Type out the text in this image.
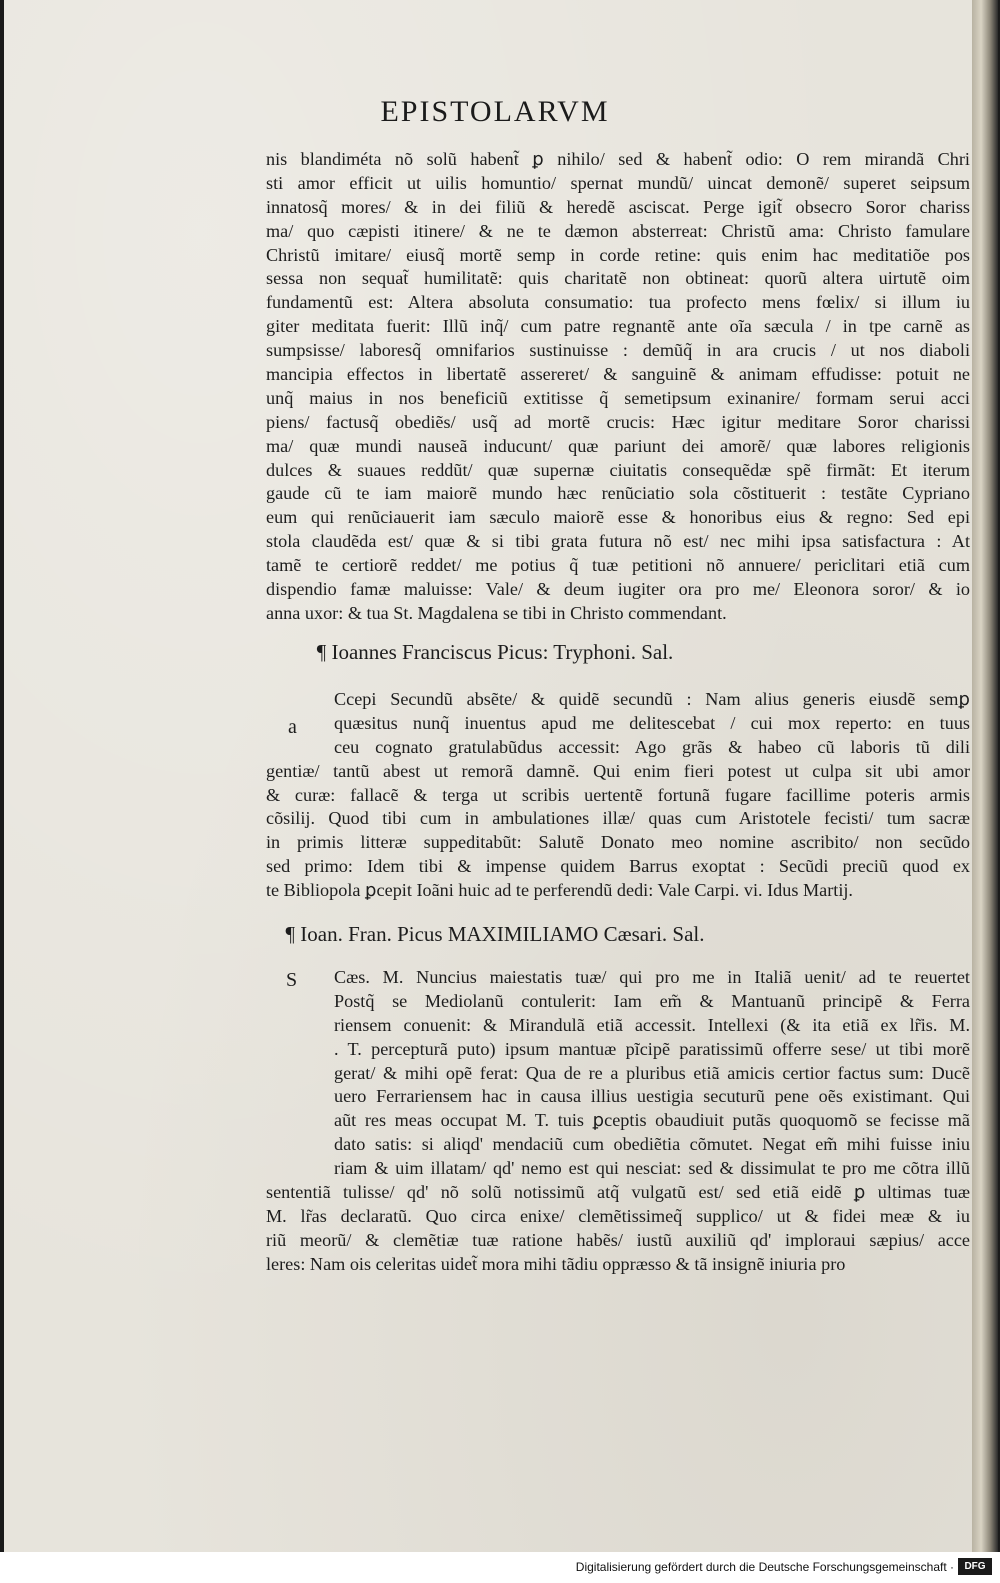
EPISTOLARVM
nis blandiméta nõ solũ habent̃ ꝑ nihilo/ sed & habent̃ odio: O rem mirandã Chri
sti amor efficit ut uilis homuntio/ spernat mundũ/ uincat demonẽ/ superet seipsum
innatosq̃ mores/ & in dei filiũ & heredẽ asciscat. Perge igit̃ obsecro Soror chariss
ma/ quo cæpisti itinere/ & ne te dæmon absterreat: Christũ ama: Christo famulare
Christũ imitare/ eiusq̃ mortẽ semp in corde retine: quis enim hac meditatiõe pos
sessa non sequat̃ humilitatẽ: quis charitatẽ non obtineat: quorũ altera uirtutẽ oim
fundamentũ est: Altera absoluta consumatio: tua profecto mens fœlix/ si illum iu
giter meditata fuerit: Illũ inq̃/ cum patre regnantẽ ante oĩa sæcula / in tpe carnẽ as
sumpsisse/ laboresq̃ omnifarios sustinuisse : demũq̃ in ara crucis / ut nos diaboli
mancipia effectos in libertatẽ assereret/ & sanguinẽ & animam effudisse: potuit ne
unq̃ maius in nos beneficiũ extitisse q̃ semetipsum exinanire/ formam serui acci
piens/ factusq̃ obediẽs/ usq̃ ad mortẽ crucis: Hæc igitur meditare Soror charissi
ma/ quæ mundi nauseã inducunt/ quæ pariunt dei amorẽ/ quæ labores religionis
dulces & suaues reddũt/ quæ supernæ ciuitatis consequẽdæ spẽ firmãt: Et iterum
gaude cũ te iam maiorẽ mundo hæc renũciatio sola cõstituerit : testãte Cypriano
eum qui renũciauerit iam sæculo maiorẽ esse & honoribus eius & regno: Sed epi
stola claudẽda est/ quæ & si tibi grata futura nõ est/ nec mihi ipsa satisfactura : At
tamẽ te certiorẽ reddet/ me potius q̃ tuæ petitioni nõ annuere/ periclitari etiã cum
dispendio famæ maluisse: Vale/ & deum iugiter ora pro me/ Eleonora soror/ & io
anna uxor: & tua St. Magdalena se tibi in Christo commendant.
¶ Ioannes Franciscus Picus: Tryphoni. Sal.
a
Ccepi Secundũ absẽte/ & quidẽ secundũ : Nam alius generis eiusdẽ semꝑ
quæsitus nunq̃ inuentus apud me delitescebat / cui mox reperto: en tuus
ceu cognato gratulabũdus accessit: Ago grãs & habeo cũ laboris tũ dili
gentiæ/ tantũ abest ut remorã damnẽ. Qui enim fieri potest ut culpa sit ubi amor
& curæ: fallacẽ & terga ut scribis uertentẽ fortunã fugare facillime poteris armis
cõsilij. Quod tibi cum in ambulationes illæ/ quas cum Aristotele fecisti/ tum sacræ
in primis litteræ suppeditabũt: Salutẽ Donato meo nomine ascribito/ non secũdo
sed primo: Idem tibi & impense quidem Barrus exoptat : Secũdi preciũ quod ex
te Bibliopola ꝑcepit Ioãni huic ad te perferendũ dedi: Vale Carpi. vi. Idus Martij.
¶ Ioan. Fran. Picus MAXIMILIAMO Cæsari. Sal.
S	Cæs. M. Nuncius maiestatis tuæ/ qui pro me in Italiã uenit/ ad te reuertet
Postq̃ se Mediolanũ contulerit: Iam em̃ & Mantuanũ principẽ & Ferra
riensem conuenit: & Mirandulã etiã accessit. Intellexi (& ita etiã ex lr̃is. M.
. T. percepturã puto) ipsum mantuæ pĩcipẽ paratissimũ offerre sese/ ut tibi morẽ
gerat/ & mihi opẽ ferat: Qua de re a pluribus etiã amicis certior factus sum: Ducẽ
uero Ferrariensem hac in causa illius uestigia secuturũ pene oẽs existimant. Qui
aũt res meas occupat M. T. tuis ꝑceptis obaudiuit putãs quoquomõ se fecisse mã
dato satis: si aliqd' mendaciũ cum obediẽtia cõmutet. Negat em̃ mihi fuisse iniu
riam & uim illatam/ qd' nemo est qui nesciat: sed & dissimulat te pro me cõtra illũ
sententiã tulisse/ qd' nõ solũ notissimũ atq̃ vulgatũ est/ sed etiã eidẽ ꝑ ultimas tuæ
M. lr̃as declaratũ. Quo circa enixe/ clemẽtissimeq̃ supplico/ ut & fidei meæ & iu
riũ meorũ/ & clemẽtiæ tuæ ratione habẽs/ iustũ auxiliũ qd' imploraui sæpius/ acce
leres: Nam ois celeritas uidet̃ mora mihi tãdiu oppræsso & tã insignẽ iniuria pro
Digitalisierung gefördert durch die Deutsche Forschungsgemeinschaft ·	DFG
